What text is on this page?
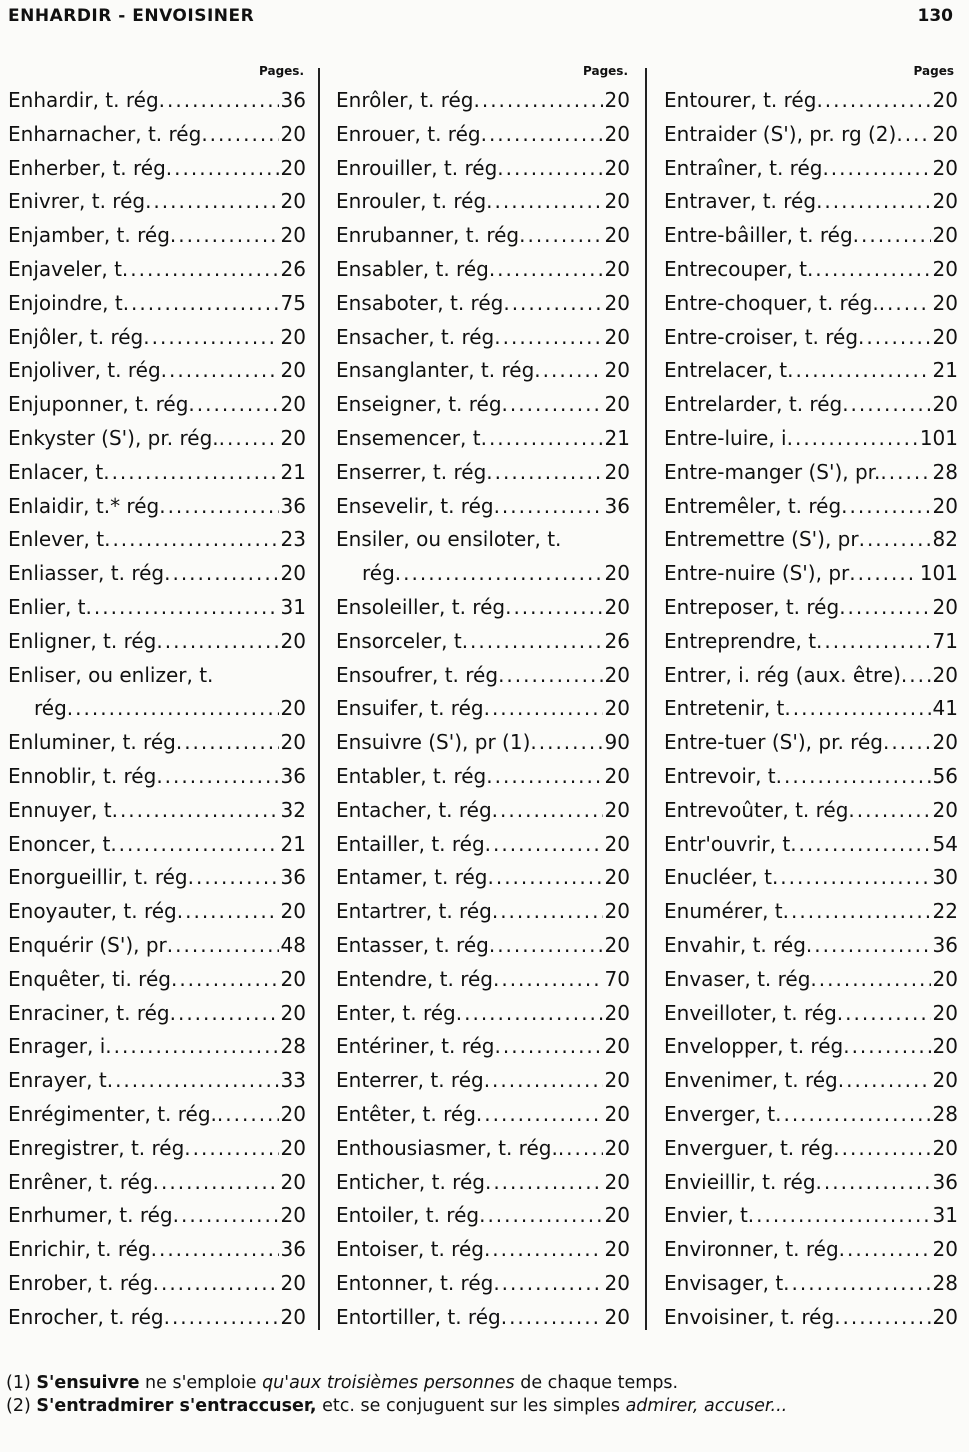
ENHARDIR - ENVOISINER	130
Pages.
Enhardir, t. rég .....	36
Enharnacher, t. rég .....	20
Enherber, t. rég .....	20
Enivrer, t. rég .....	20
Enjamber, t. rég .....	20
Enjaveler, t .....	26
Enjoindre, t .....	75
Enjôler, t. rég .....	20
Enjoliver, t. rég .....	20
Enjuponner, t. rég .....	20
Enkyster (S'), pr. rég. .....	20
Enlacer, t .....	21
Enlaidir, t.* rég .....	36
Enlever, t .....	23
Enliasser, t. rég .....	20
Enlier, t .....	31
Enligner, t. rég .....	20
Enliser, ou enlizer, t.
rég .....	20
Enluminer, t. rég .....	20
Ennoblir, t. rég .....	36
Ennuyer, t .....	32
Enoncer, t .....	21
Enorgueillir, t. rég .....	36
Enoyauter, t. rég .....	20
Enquérir (S'), pr .....	48
Enquêter, ti. rég .....	20
Enraciner, t. rég .....	20
Enrager, i .....	28
Enrayer, t .....	33
Enrégimenter, t. rég. .....	20
Enregistrer, t. rég .....	20
Enrêner, t. rég .....	20
Enrhumer, t. rég .....	20
Enrichir, t. rég .....	36
Enrober, t. rég .....	20
Enrocher, t. rég .....	20
Pages.
Enrôler, t. rég .....	20
Enrouer, t. rég .....	20
Enrouiller, t. rég .....	20
Enrouler, t. rég .....	20
Enrubanner, t. rég .....	20
Ensabler, t. rég .....	20
Ensaboter, t. rég .....	20
Ensacher, t. rég .....	20
Ensanglanter, t. rég .....	20
Enseigner, t. rég .....	20
Ensemencer, t .....	21
Enserrer, t. rég .....	20
Ensevelir, t. rég .....	36
Ensiler, ou ensiloter, t.
rég .....	20
Ensoleiller, t. rég .....	20
Ensorceler, t .....	26
Ensoufrer, t. rég .....	20
Ensuifer, t. rég .....	20
Ensuivre (S'), pr (1) .....	90
Entabler, t. rég .....	20
Entacher, t. rég .....	20
Entailler, t. rég .....	20
Entamer, t. rég .....	20
Entartrer, t. rég .....	20
Entasser, t. rég .....	20
Entendre, t. rég .....	70
Enter, t. rég .....	20
Entériner, t. rég .....	20
Enterrer, t. rég .....	20
Entêter, t. rég .....	20
Enthousiasmer, t. rég. ..... 20
Enticher, t. rég .....	20
Entoiler, t. rég .....	20
Entoiser, t. rég .....	20
Entonner, t. rég .....	20
Entortiller, t. rég .....	20
Pages
Entourer, t. rég .....	20
Entraider (S'), pr. rg (2) ..... 20
Entraîner, t. rég .....	20
Entraver, t. rég .....	20
Entre-bâiller, t. rég .....	20
Entrecouper, t .....	20
Entre-choquer, t. rég. .....	20
Entre-croiser, t. rég .....	20
Entrelacer, t .....	21
Entrelarder, t. rég .....	20
Entre-luire, i .....	101
Entre-manger (S'), pr. .....	28
Entremêler, t. rég .....	20
Entremettre (S'), pr .....	82
Entre-nuire (S'), pr .....	101
Entreposer, t. rég .....	20
Entreprendre, t .....	71
Entrer, i. rég (aux. être) ..... 20
Entretenir, t .....	41
Entre-tuer (S'), pr. rég ..... 20
Entrevoir, t .....	56
Entrevoûter, t. rég .....	20
Entr'ouvrir, t .....	54
Enucléer, t .....	30
Enumérer, t .....	22
Envahir, t. rég .....	36
Envaser, t. rég .....	20
Enveilloter, t. rég .....	20
Envelopper, t. rég .....	20
Envenimer, t. rég .....	20
Enverger, t .....	28
Enverguer, t. rég .....	20
Envieillir, t. rég .....	36
Envier, t .....	31
Environner, t. rég .....	20
Envisager, t .....	28
Envoisiner, t. rég .....	20
(1) S'ensuivre ne s'emploie qu'aux troisièmes personnes de chaque temps.
(2) S'entradmirer s'entraccuser, etc. se conjuguent sur les simples admirer, accuser...
